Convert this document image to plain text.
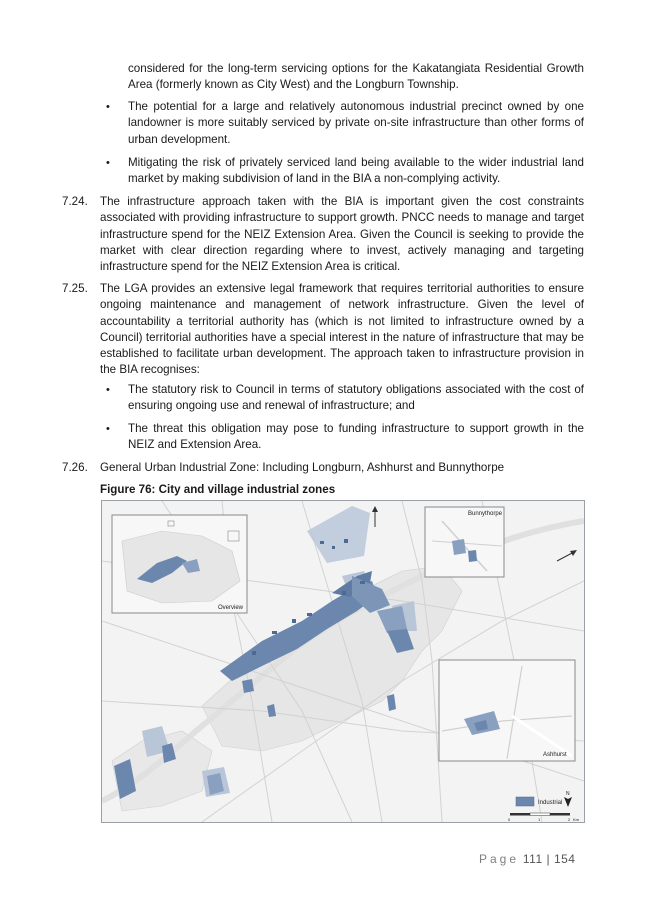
considered for the long-term servicing options for the Kakatangiata Residential Growth Area (formerly known as City West) and the Longburn Township.
• The potential for a large and relatively autonomous industrial precinct owned by one landowner is more suitably serviced by private on-site infrastructure than other forms of urban development.
• Mitigating the risk of privately serviced land being available to the wider industrial land market by making subdivision of land in the BIA a non-complying activity.
7.24. The infrastructure approach taken with the BIA is important given the cost constraints associated with providing infrastructure to support growth. PNCC needs to manage and target infrastructure spend for the NEIZ Extension Area. Given the Council is seeking to provide the market with clear direction regarding where to invest, actively managing and targeting infrastructure spend for the NEIZ Extension Area is critical.
7.25. The LGA provides an extensive legal framework that requires territorial authorities to ensure ongoing maintenance and management of network infrastructure. Given the level of accountability a territorial authority has (which is not limited to infrastructure owned by a Council) territorial authorities have a special interest in the nature of infrastructure that may be established to facilitate urban development. The approach taken to infrastructure provision in the BIA recognises:
• The statutory risk to Council in terms of statutory obligations associated with the cost of ensuring ongoing use and renewal of infrastructure; and
• The threat this obligation may pose to funding infrastructure to support growth in the NEIZ and Extension Area.
7.26. General Urban Industrial Zone: Including Longburn, Ashhurst and Bunnythorpe
Figure 76: City and village industrial zones
Overview
Bunnythorpe
Ashhurst
Industrial
N
0	1	2 Km
Page 111 | 154
